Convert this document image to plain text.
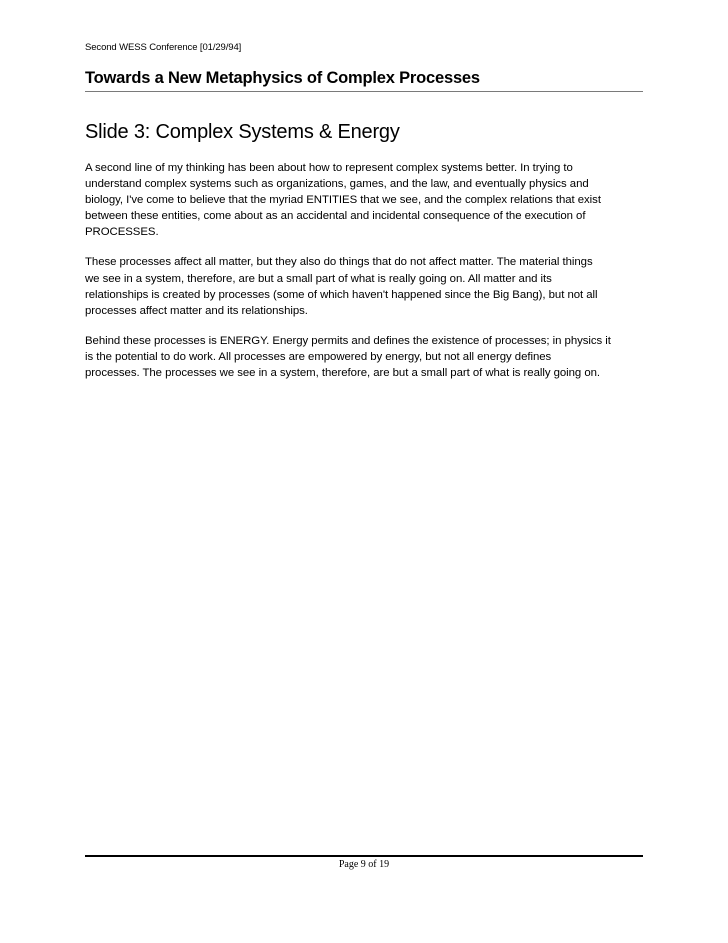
Second WESS Conference [01/29/94]
Towards a New Metaphysics of Complex Processes
Slide 3: Complex Systems & Energy

A second line of my thinking has been about how to represent complex systems better. In trying to
understand complex systems such as organizations, games, and the law, and eventually physics and
biology, I've come to believe that the myriad ENTITIES that we see, and the complex relations that exist
between these entities, come about as an accidental and incidental consequence of the execution of
PROCESSES.

These processes affect all matter, but they also do things that do not affect matter. The material things
we see in a system, therefore, are but a small part of what is really going on. All matter and its
relationships is created by processes (some of which haven't happened since the Big Bang), but not all
processes affect matter and its relationships.

Behind these processes is ENERGY. Energy permits and defines the existence of processes; in physics it
is the potential to do work. All processes are empowered by energy, but not all energy defines
processes. The processes we see in a system, therefore, are but a small part of what is really going on.

Page 9 of 19
